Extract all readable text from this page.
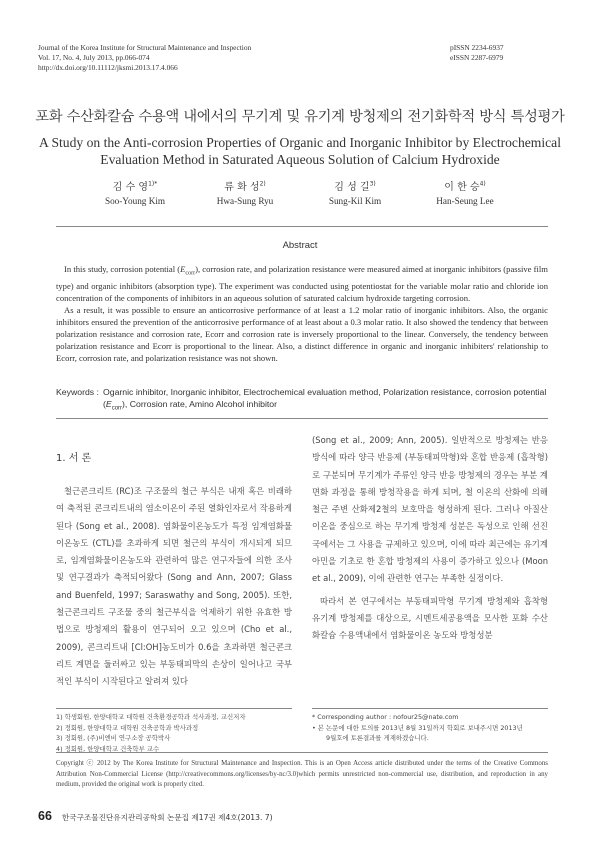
Journal of the Korea Institute for Structural Maintenance and Inspection
Vol. 17, No. 4, July 2013, pp.066-074
http://dx.doi.org/10.11112/jksmi.2013.17.4.066
pISSN 2234-6937
eISSN 2287-6979
포화 수산화칼슘 수용액 내에서의 무기계 및 유기계 방청제의 전기화학적 방식 특성평가
A Study on the Anti-corrosion Properties of Organic and Inorganic Inhibitor by Electrochemical
Evaluation Method in Saturated Aqueous Solution of Calcium Hydroxide
김 수 영$^{1)*}$
Soo-Young Kim
류 화 성$^{2)}$
Hwa-Sung Ryu
김 성 길$^{3)}$
Sung-Kil Kim
이 한 승$^{4)}$
Han-Seung Lee
Abstract

In this study, corrosion potential $(E_{corr})$, corrosion rate, and polarization resistance were measured aimed at inorganic inhibitors (passive film type) and organic inhibitors (absorption type). The experiment was conducted using potentiostat for the variable molar ratio and chloride ion concentration of the components of inhibitors in an aqueous solution of saturated calcium hydroxide targeting corrosion.

As a result, it was possible to ensure an anticorrosive performance of at least a 1.2 molar ratio of inorganic inhibitors. Also, the organic inhibitors ensured the prevention of the anticorrosive performance of at least about a 0.3 molar ratio. It also showed the tendency that between polarization resistance and corrosion rate, Ecorr and corrosion rate is inversely proportional to the linear. Conversely, the tendency between polarization resistance and Ecorr is proportional to the linear. Also, a distinct difference in organic and inorganic inhibiters' relationship to Ecorr, corrosion rate, and polarization resistance was not shown.

Keywords : Ogarnic inhibitor, Inorganic inhibitor, Electrochemical evaluation method, Polarization resistance, corrosion potential $(E_{corr})$, Corrosion rate, Amino Alcohol inhibitor
1. 서 론

철근콘크리트 (RC)조 구조물의 철근 부식은 내재 혹은 비래하여 축적된 콘크리트내의 염소이온이 주된 열화인자로서 작용하게 된다 (Song et al., 2008). 염화물이온농도가 특정 임계염화물이온농도 (CTL)를 초과하게 되면 철근의 부식이 개시되게 되므로, 임계염화물이온농도와 관련하여 많은 연구자들에 의한 조사 및 연구결과가 축적되어왔다 (Song and Ann, 2007; Glass and Buenfeld, 1997; Saraswathy and Song, 2005). 또한, 철근콘크리트 구조물 중의 철근부식을 억제하기 위한 유효한 방법으로 방청제의 활용이 연구되어 오고 있으며 (Cho et al., 2009), 콘크리트내 [Cl:OH]농도비가 0.6을 초과하면 철근콘크리트 계면을 둘러싸고 있는 부동태피막의 손상이 일어나고 국부적인 부식이 시작된다고 알려져 있다

(Song et al., 2009; Ann, 2005). 일반적으로 방청제는 반응 방식에 따라 양극 반응제 (부동태피막형)와 혼합 반응제 (흡착형)로 구분되며 무기계가 주류인 양극 반응 방청제의 경우는 부분 계면화 과정을 통해 방청작용을 하게 되며, 철 이온의 산화에 의해 철근 주변 산화제2철의 보호막을 형성하게 된다. 그러나 아질산이온을 중심으로 하는 무기계 방청제 성분은 독성으로 인해 선진국에서는 그 사용을 규제하고 있으며, 이에 따라 최근에는 유기계 아민을 기초로 한 혼합 방청제의 사용이 증가하고 있으나 (Moon et al., 2009), 이에 관련한 연구는 부족한 실정이다.

따라서 본 연구에서는 부동태피막형 무기계 방청제와 흡착형 유기계 방청제를 대상으로, 시멘트세공용액을 모사한 포화 수산화칼슘 수용액내에서 염화물이온 농도와 방청성분

1) 학생회원, 한양대학교 대학원 건축환경공학과 석사과정, 교신저자
2) 정회원, 한양대학교 대학원 건축공학과 박사과정
3) 정회원, (주)비엔비 연구소장 공학박사
4) 정회원, 한양대학교 건축학부 교수
* Corresponding author : nofour25@nate.com
• 본 논문에 대한 토의를 2013년 8월 31일까지 학회로 보내주시면 2013년
9월호에 토론결과를 게재하겠습니다.
Copyright ⓒ 2012 by The Korea Institute for Structural Maintenance and Inspection. This is an Open Access article distributed under the terms of the Creative Commons Attribution Non-Commercial License (http://creativecommons.org/licenses/by-nc/3.0)which permits unrestricted non-commercial use, distribution, and reproduction in any medium, provided the original work is properly cited.
66 한국구조물진단유지관리공학회 논문집 제17권 제4호(2013. 7)
